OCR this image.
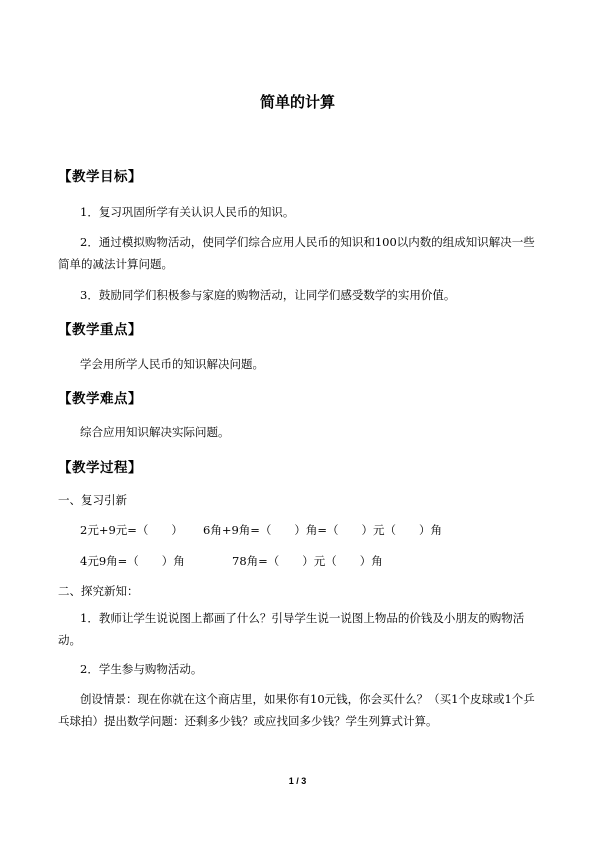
简单的计算
【教学目标】
1．复习巩固所学有关认识人民币的知识。
2．通过模拟购物活动，使同学们综合应用人民币的知识和100以内数的组成知识解决一些简单的减法计算问题。
3．鼓励同学们积极参与家庭的购物活动，让同学们感受数学的实用价值。
【教学重点】
学会用所学人民币的知识解决问题。
【教学难点】
综合应用知识解决实际问题。
【教学过程】
一、复习引新
2元+9元=（　　） 6角+9角=（　　）角=（　　）元（　　）角
4元9角=（　　）角	78角=（　　）元（　　）角
二、探究新知：
1．教师让学生说说图上都画了什么？引导学生说一说图上物品的价钱及小朋友的购物活动。
2．学生参与购物活动。
创设情景：现在你就在这个商店里，如果你有10元钱，你会买什么？（买1个皮球或1个乒乓球拍）提出数学问题：还剩多少钱？或应找回多少钱？学生列算式计算。
1 / 3
